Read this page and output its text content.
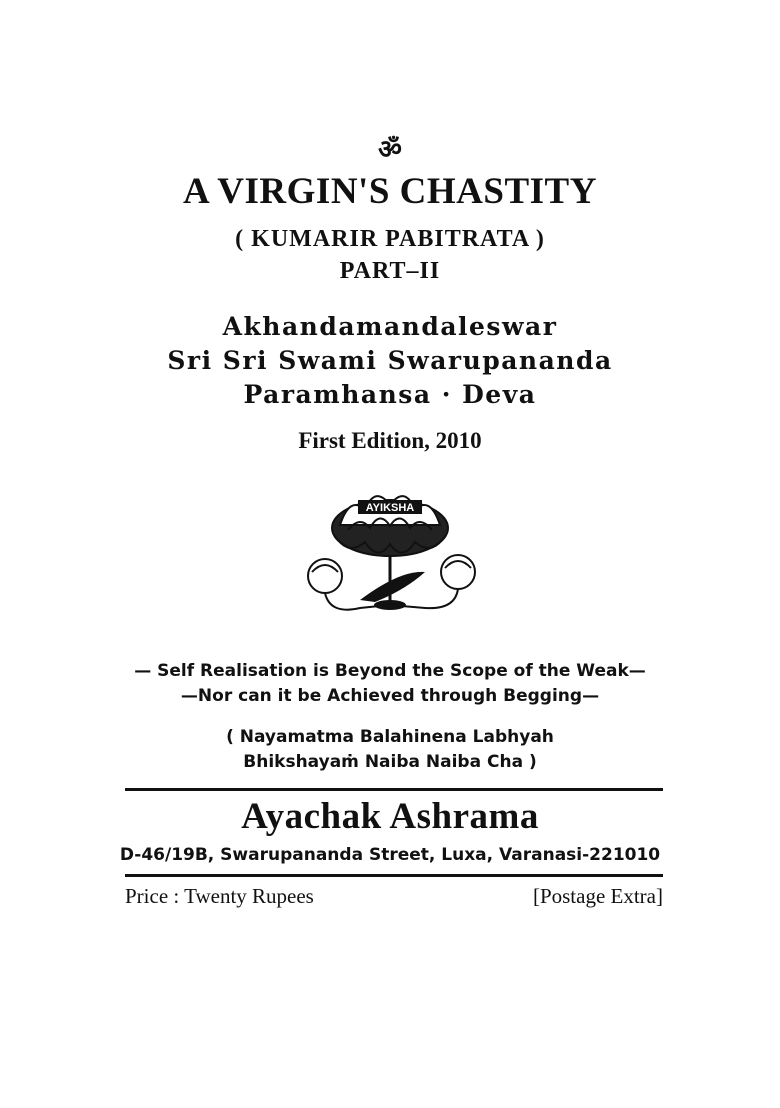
ॐ
A VIRGIN'S CHASTITY
( KUMARIR PABITRATA )
PART–II
Akhandamandaleswar
Sri Sri Swami Swarupananda
Paramhansa · Deva
First Edition, 2010
AYIKSHA
— Self Realisation is Beyond the Scope of the Weak—
—Nor can it be Achieved through Begging—
( Nayamatma Balahinena Labhyah
Bhikshayaṁ Naiba Naiba Cha )
Ayachak Ashrama
D-46/19B, Swarupananda Street, Luxa, Varanasi-221010
Price : Twenty Rupees	[Postage Extra]
